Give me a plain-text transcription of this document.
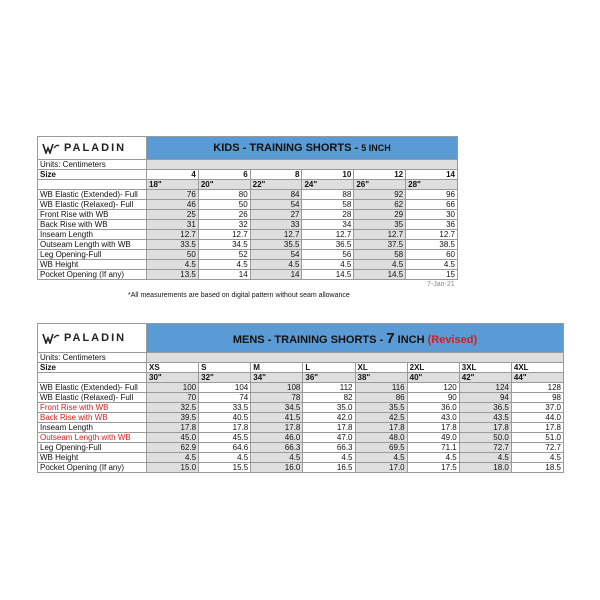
PALADIN	KIDS - TRAINING SHORTS - 5 INCH					
Units: Centimeters						
Size	4	6	8	10	12	14
	18"	20"	22"	24"	26"	28"
WB Elastic (Extended)- Full	76	80	84	88	92	96
WB Elastic (Relaxed)- Full	46	50	54	58	62	66
Front Rise with WB	25	26	27	28	29	30
Back Rise with WB	31	32	33	34	35	36
Inseam Length	12.7	12.7	12.7	12.7	12.7	12.7
Outseam Length with WB	33.5	34.5	35.5	36.5	37.5	38.5
Leg Opening-Full	50	52	54	56	58	60
WB Height	4.5	4.5	4.5	4.5	4.5	4.5
Pocket Opening (If any)	13.5	14	14	14.5	14.5	15
7-Jan-21
*All measurements are based on digital pattern without seam allowance
PALADIN	MENS - TRAINING SHORTS - 7 INCH (Revised)							
Units: Centimeters								
Size	XS	S	M	L	XL	2XL	3XL	4XL
	30"	32"	34"	36"	38"	40"	42"	44"
WB Elastic (Extended)- Full	100	104	108	112	116	120	124	128
WB Elastic (Relaxed)- Full	70	74	78	82	86	90	94	98
Front Rise with WB	32.5	33.5	34.5	35.0	35.5	36.0	36.5	37.0
Back Rise with WB	39.5	40.5	41.5	42.0	42.5	43.0	43.5	44.0
Inseam Length	17.8	17.8	17.8	17.8	17.8	17.8	17.8	17.8
Outseam Length with WB	45.0	45.5	46.0	47.0	48.0	49.0	50.0	51.0
Leg Opening-Full	62.9	64.6	66.3	66.3	69.5	71.1	72.7	72.7
WB Height	4.5	4.5	4.5	4.5	4.5	4.5	4.5	4.5
Pocket Opening (If any)	15.0	15.5	16.0	16.5	17.0	17.5	18.0	18.5
